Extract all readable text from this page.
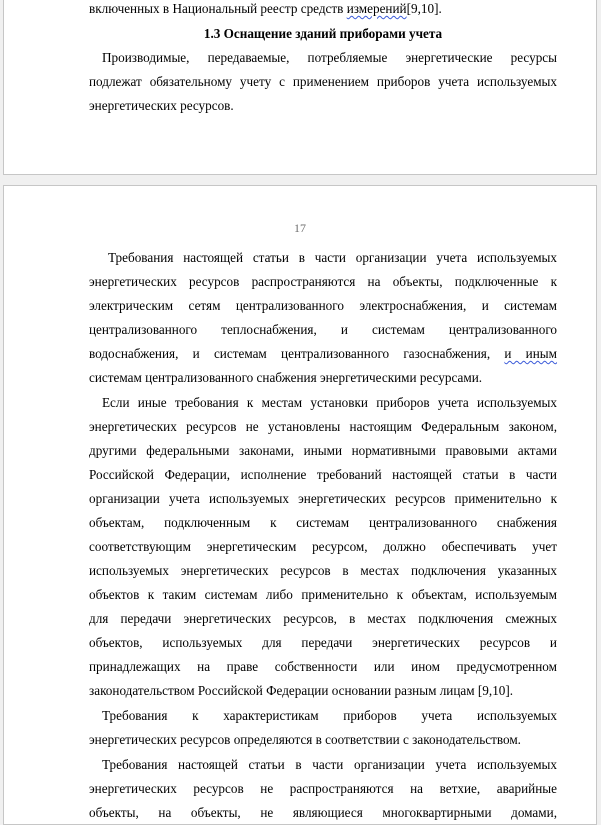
включенных в Национальный реестр средств измерений[9,10].
1.3 Оснащение зданий приборами учета
Производимые, передаваемые, потребляемые энергетические ресурсы
подлежат обязательному учету с применением приборов учета используемых
энергетических ресурсов.
17
Требования настоящей статьи в части организации учета используемых
энергетических ресурсов распространяются на объекты, подключенные к
электрическим сетям централизованного электроснабжения, и системам
централизованного теплоснабжения, и системам централизованного
водоснабжения, и системам централизованного газоснабжения, и иным
системам централизованного снабжения энергетическими ресурсами.
Если иные требования к местам установки приборов учета используемых
энергетических ресурсов не установлены настоящим Федеральным законом,
другими федеральными законами, иными нормативными правовыми актами
Российской Федерации, исполнение требований настоящей статьи в части
организации учета используемых энергетических ресурсов применительно к
объектам, подключенным к системам централизованного снабжения
соответствующим энергетическим ресурсом, должно обеспечивать учет
используемых энергетических ресурсов в местах подключения указанных
объектов к таким системам либо применительно к объектам, используемым
для передачи энергетических ресурсов, в местах подключения смежных
объектов, используемых для передачи энергетических ресурсов и
принадлежащих на праве собственности или ином предусмотренном
законодательством Российской Федерации основании разным лицам [9,10].
Требования к характеристикам приборов учета используемых
энергетических ресурсов определяются в соответствии с законодательством.
Требования настоящей статьи в части организации учета используемых
энергетических ресурсов не распространяются на ветхие, аварийные
объекты, на объекты, не являющиеся многоквартирными домами,
